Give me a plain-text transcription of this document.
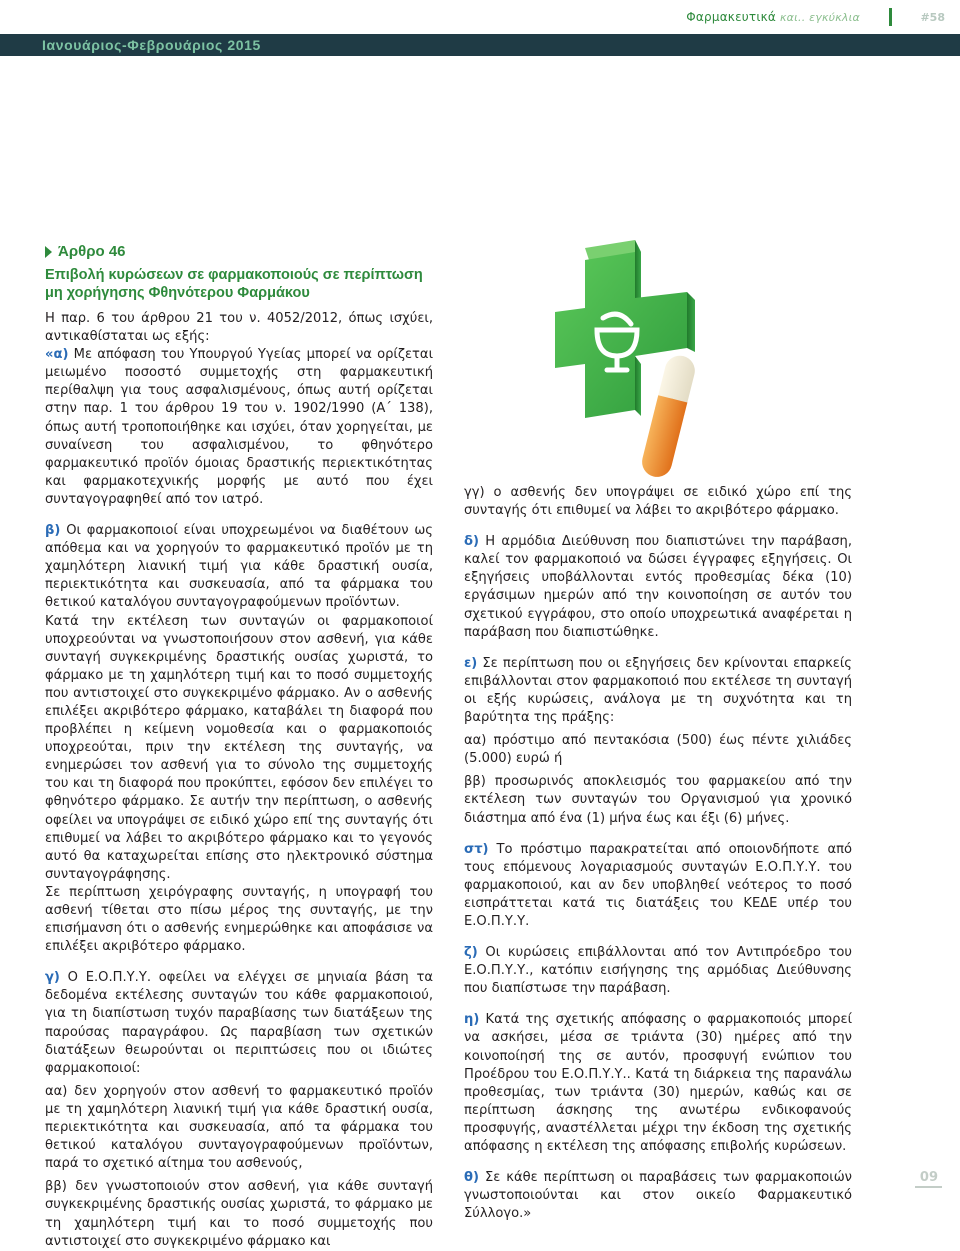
Φαρμακευτικά και.. εγκύκλια	#58
Ιανουάριος-Φεβρουάριος 2015
Άρθρο 46
Επιβολή κυρώσεων σε φαρμακοποιούς σε περίπτωση μη χορήγησης Φθηνότερου Φαρμάκου

Η παρ. 6 του άρθρου 21 του ν. 4052/2012, όπως ισχύει, αντικαθίσταται ως εξής:

«α) Με απόφαση του Υπουργού Υγείας μπορεί να ορίζεται μειωμένο ποσοστό συμμετοχής στη φαρμακευτική περίθαλψη για τους ασφαλισμένους, όπως αυτή ορίζεται στην παρ. 1 του άρθρου 19 του ν. 1902/1990 (Α΄ 138), όπως αυτή τροποποιήθηκε και ισχύει, όταν χορηγείται, με συναίνεση του ασφαλισμένου, το φθηνότερο φαρμακευτικό προϊόν όμοιας δραστικής περιεκτικότητας και φαρμακοτεχνικής μορφής με αυτό που έχει συνταγογραφηθεί από τον ιατρό.

β) Οι φαρμακοποιοί είναι υποχρεωμένοι να διαθέτουν ως απόθεμα και να χορηγούν το φαρμακευτικό προϊόν με τη χαμηλότερη λιανική τιμή για κάθε δραστική ουσία, περιεκτικότητα και συσκευασία, από τα φάρμακα του θετικού καταλόγου συνταγογραφούμενων προϊόντων.

Κατά την εκτέλεση των συνταγών οι φαρμακοποιοί υποχρεούνται να γνωστοποιήσουν στον ασθενή, για κάθε συνταγή συγκεκριμένης δραστικής ουσίας χωριστά, το φάρμακο με τη χαμηλότερη τιμή και το ποσό συμμετοχής που αντιστοιχεί στο συγκεκριμένο φάρμακο. Αν ο ασθενής επιλέξει ακριβότερο φάρμακο, καταβάλει τη διαφορά που προβλέπει η κείμενη νομοθεσία και ο φαρμακοποιός υποχρεούται, πριν την εκτέλεση της συνταγής, να ενημερώσει τον ασθενή για το σύνολο της συμμετοχής του και τη διαφορά που προκύπτει, εφόσον δεν επιλέγει το φθηνότερο φάρμακο. Σε αυτήν την περίπτωση, ο ασθενής οφείλει να υπογράψει σε ειδικό χώρο επί της συνταγής ότι επιθυμεί να λάβει το ακριβότερο φάρμακο και το γεγονός αυτό θα καταχωρείται επίσης στο ηλεκτρονικό σύστημα συνταγογράφησης.

Σε περίπτωση χειρόγραφης συνταγής, η υπογραφή του ασθενή τίθεται στο πίσω μέρος της συνταγής, με την επισήμανση ότι ο ασθενής ενημερώθηκε και αποφάσισε να επιλέξει ακριβότερο φάρμακο.

γ) Ο Ε.Ο.Π.Υ.Υ. οφείλει να ελέγχει σε μηνιαία βάση τα δεδομένα εκτέλεσης συνταγών του κάθε φαρμακοποιού, για τη διαπίστωση τυχόν παραβίασης των διατάξεων της παρούσας παραγράφου. Ως παραβίαση των σχετικών διατάξεων θεωρούνται οι περιπτώσεις που οι ιδιώτες φαρμακοποιοί:

αα) δεν χορηγούν στον ασθενή το φαρμακευτικό προϊόν με τη χαμηλότερη λιανική τιμή για κάθε δραστική ουσία, περιεκτικότητα και συσκευασία, από τα φάρμακα του θετικού καταλόγου συνταγογραφούμενων προϊόντων, παρά το σχετικό αίτημα του ασθενούς,

ββ) δεν γνωστοποιούν στον ασθενή, για κάθε συνταγή συγκεκριμένης δραστικής ουσίας χωριστά, το φάρμακο με τη χαμηλότερη τιμή και το ποσό συμμετοχής που αντιστοιχεί στο συγκεκριμένο φάρμακο και

γγ) ο ασθενής δεν υπογράψει σε ειδικό χώρο επί της συνταγής ότι επιθυμεί να λάβει το ακριβότερο φάρμακο.

δ) Η αρμόδια Διεύθυνση που διαπιστώνει την παράβαση, καλεί τον φαρμακοποιό να δώσει έγγραφες εξηγήσεις. Οι εξηγήσεις υποβάλλονται εντός προθεσμίας δέκα (10) εργάσιμων ημερών από την κοινοποίηση σε αυτόν του σχετικού εγγράφου, στο οποίο υποχρεωτικά αναφέρεται η παράβαση που διαπιστώθηκε.

ε) Σε περίπτωση που οι εξηγήσεις δεν κρίνονται επαρκείς επιβάλλονται στον φαρμακοποιό που εκτέλεσε τη συνταγή οι εξής κυρώσεις, ανάλογα με τη συχνότητα και τη βαρύτητα της πράξης:

αα) πρόστιμο από πεντακόσια (500) έως πέντε χιλιάδες (5.000) ευρώ ή

ββ) προσωρινός αποκλεισμός του φαρμακείου από την εκτέλεση των συνταγών του Οργανισμού για χρονικό διάστημα από ένα (1) μήνα έως και έξι (6) μήνες.

στ) Το πρόστιμο παρακρατείται από οποιονδήποτε από τους επόμενους λογαριασμούς συνταγών Ε.Ο.Π.Υ.Υ. του φαρμακοποιού, και αν δεν υποβληθεί νεότερος το ποσό εισπράττεται κατά τις διατάξεις του ΚΕΔΕ υπέρ του Ε.Ο.Π.Υ.Υ.

ζ) Οι κυρώσεις επιβάλλονται από τον Αντιπρόεδρο του Ε.Ο.Π.Υ.Υ., κατόπιν εισήγησης της αρμόδιας Διεύθυνσης που διαπίστωσε την παράβαση.

η) Κατά της σχετικής απόφασης ο φαρμακοποιός μπορεί να ασκήσει, μέσα σε τριάντα (30) ημέρες από την κοινοποίησή της σε αυτόν, προσφυγή ενώπιον του Προέδρου του Ε.Ο.Π.Υ.Υ.. Κατά τη διάρκεια της παρανάλω προθεσμίας, των τριάντα (30) ημερών, καθώς και σε περίπτωση άσκησης της ανωτέρω ενδικοφανούς προσφυγής, αναστέλλεται μέχρι την έκδοση της σχετικής απόφασης η εκτέλεση της απόφασης επιβολής κυρώσεων.

θ) Σε κάθε περίπτωση οι παραβάσεις των φαρμακοποιών γνωστοποιούνται και στον οικείο Φαρμακευτικό Σύλλογο.»

09
